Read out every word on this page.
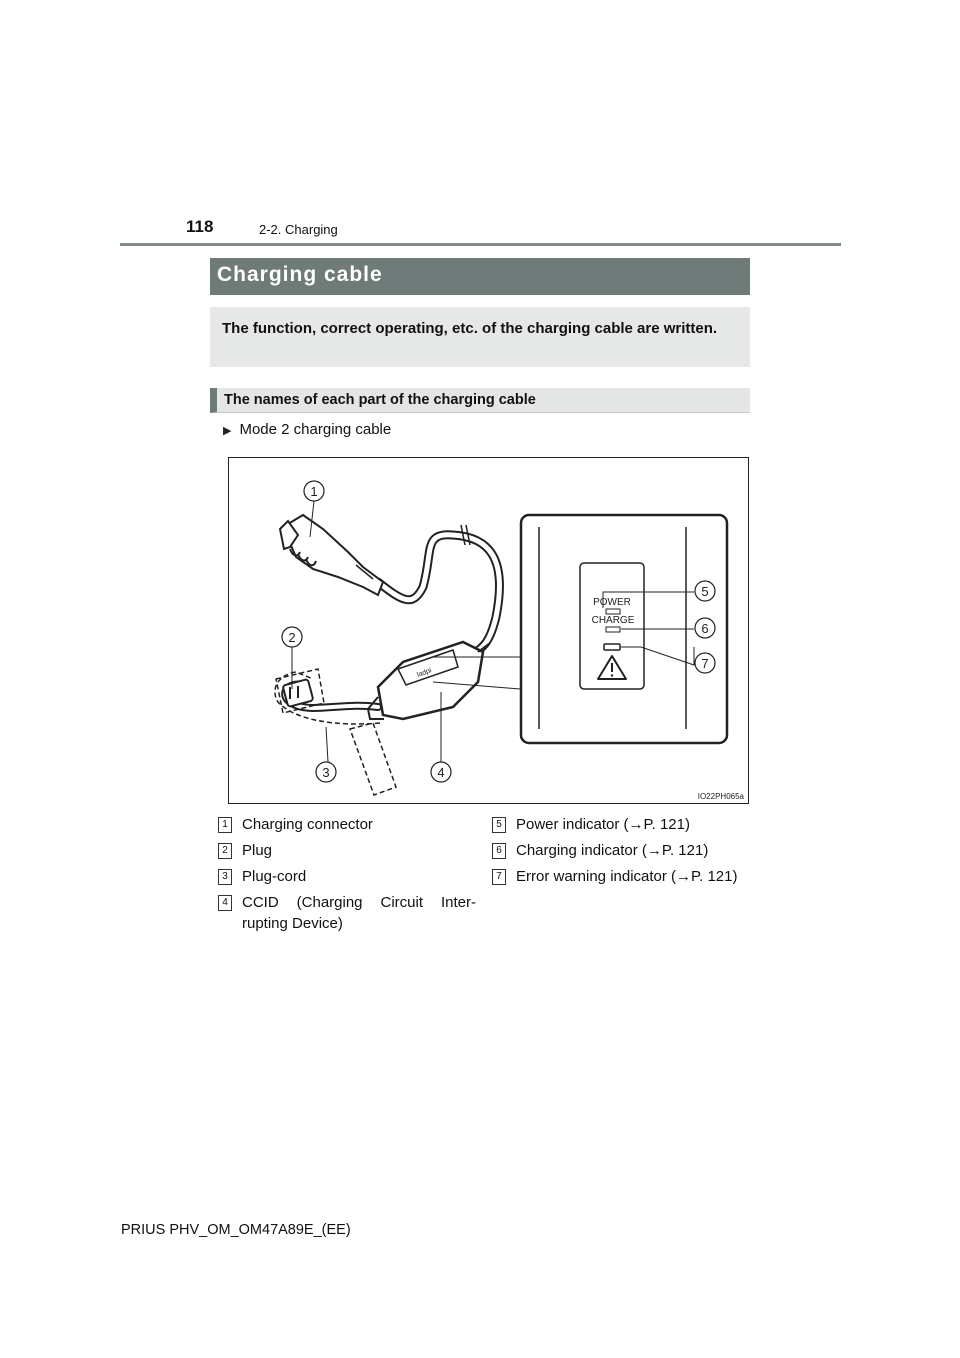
118	2-2. Charging
Charging cable

The function, correct operating, etc. of the charging cable are written.

The names of each part of the charging cable
▶ Mode 2 charging cable
ladpi
POWER
CHARGE
1
2
3	4
5
6
7
IO22PH065a
1 Charging connector
2 Plug
3 Plug-cord
4 CCID (Charging Circuit Inter-rupting Device)
5 Power indicator (→P. 121)
6 Charging indicator (→P. 121)
7 Error warning indicator (→P. 121)
PRIUS PHV_OM_OM47A89E_(EE)
